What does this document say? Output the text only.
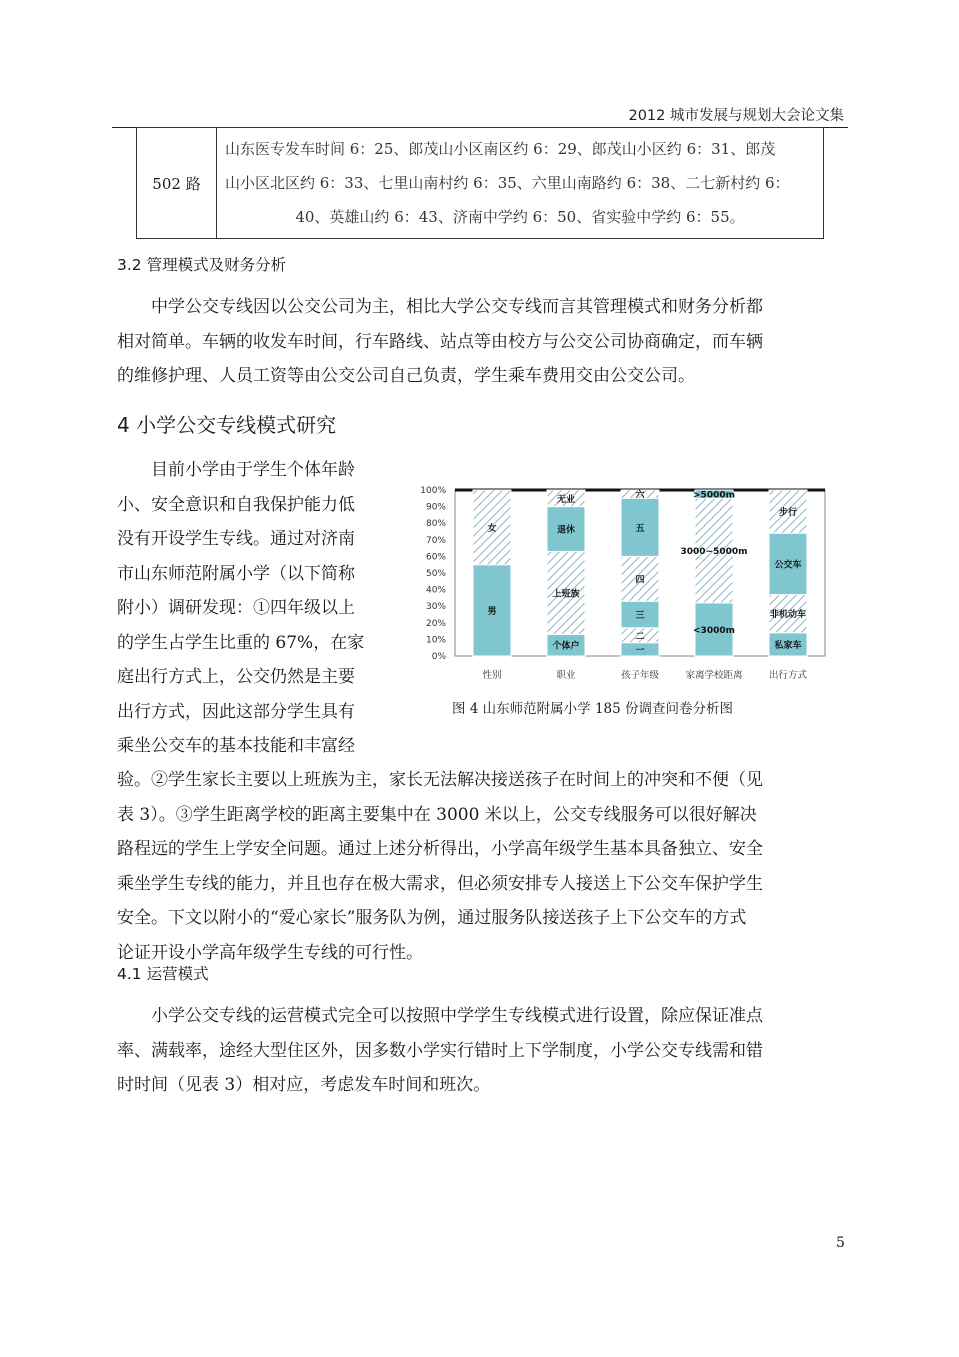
2012 城市发展与规划大会论文集
502 路	
山东医专发车时间 6：25、郎茂山小区南区约 6：29、郎茂山小区约 6：31、郎茂
山小区北区约 6：33、七里山南村约 6：35、六里山南路约 6：38、二七新村约 6：
40、英雄山约 6：43、济南中学约 6：50、省实验中学约 6：55。
3.2 管理模式及财务分析
中学公交专线因以公交公司为主，相比大学公交专线而言其管理模式和财务分析都
相对简单。车辆的收发车时间，行车路线、站点等由校方与公交公司协商确定，而车辆
的维修护理、人员工资等由公交公司自己负责，学生乘车费用交由公交公司。
4 小学公交专线模式研究
目前小学由于学生个体年龄
小、安全意识和自我保护能力低
没有开设学生专线。通过对济南
市山东师范附属小学（以下简称
附小）调研发现：①四年级以上
的学生占学生比重的 67%，在家
庭出行方式上，公交仍然是主要
出行方式，因此这部分学生具有
乘坐公交车的基本技能和丰富经
验。②学生家长主要以上班族为主，家长无法解决接送孩子在时间上的冲突和不便（见
表 3）。③学生距离学校的距离主要集中在 3000 米以上，公交专线服务可以很好解决
路程远的学生上学安全问题。通过上述分析得出，小学高年级学生基本具备独立、安全
乘坐学生专线的能力，并且也存在极大需求，但必须安排专人接送上下公交车保护学生
安全。下文以附小的“爱心家长”服务队为例，通过服务队接送孩子上下公交车的方式
论证开设小学高年级学生专线的可行性。
0%
10%
20%
30%
40%
50%
60%
70%
80%
90%
100%
男
女
性别
个体户
上班族
退休
无业
职业
一
二
三
四
五
六
孩子年级
<3000m
3000~5000m
>5000m
家离学校距离
私家车
非机动车
公交车
步行
出行方式
图 4 山东师范附属小学 185 份调查问卷分析图
4.1 运营模式
小学公交专线的运营模式完全可以按照中学学生专线模式进行设置，除应保证准点
率、满载率，途经大型住区外，因多数小学实行错时上下学制度，小学公交专线需和错
时时间（见表 3）相对应，考虑发车时间和班次。
5
